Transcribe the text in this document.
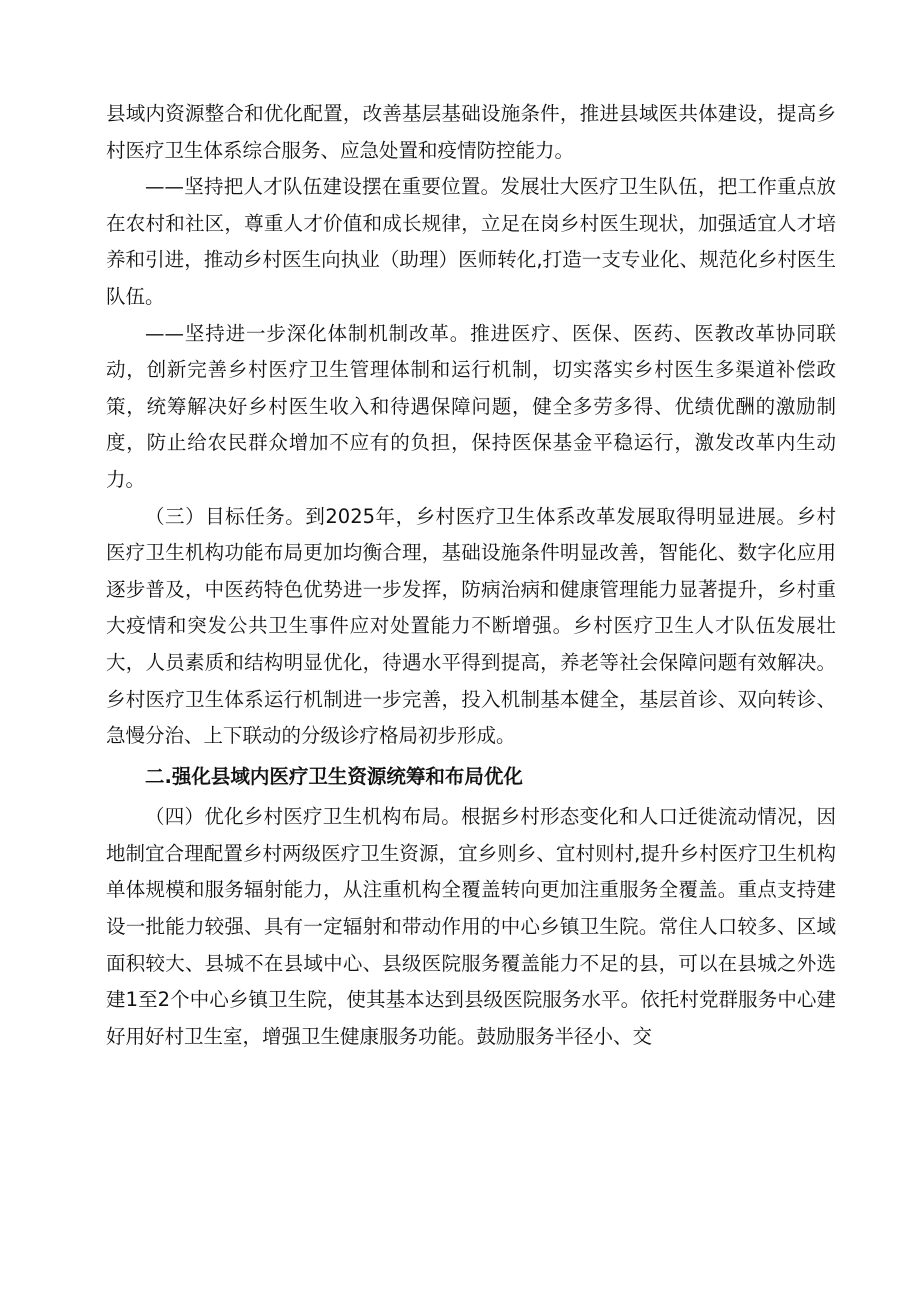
县域内资源整合和优化配置，改善基层基础设施条件，推进县域医共体建设，提高乡村医疗卫生体系综合服务、应急处置和疫情防控能力。

——坚持把人才队伍建设摆在重要位置。发展壮大医疗卫生队伍，把工作重点放在农村和社区，尊重人才价值和成长规律，立足在岗乡村医生现状，加强适宜人才培养和引进，推动乡村医生向执业（助理）医师转化,打造一支专业化、规范化乡村医生队伍。

——坚持进一步深化体制机制改革。推进医疗、医保、医药、医教改革协同联动，创新完善乡村医疗卫生管理体制和运行机制，切实落实乡村医生多渠道补偿政策，统筹解决好乡村医生收入和待遇保障问题，健全多劳多得、优绩优酬的激励制度，防止给农民群众增加不应有的负担，保持医保基金平稳运行，激发改革内生动力。

（三）目标任务。到2025年，乡村医疗卫生体系改革发展取得明显进展。乡村医疗卫生机构功能布局更加均衡合理，基础设施条件明显改善，智能化、数字化应用逐步普及，中医药特色优势进一步发挥，防病治病和健康管理能力显著提升，乡村重大疫情和突发公共卫生事件应对处置能力不断增强。乡村医疗卫生人才队伍发展壮大，人员素质和结构明显优化，待遇水平得到提高，养老等社会保障问题有效解决。乡村医疗卫生体系运行机制进一步完善，投入机制基本健全，基层首诊、双向转诊、急慢分治、上下联动的分级诊疗格局初步形成。

二.强化县域内医疗卫生资源统筹和布局优化

（四）优化乡村医疗卫生机构布局。根据乡村形态变化和人口迁徙流动情况，因地制宜合理配置乡村两级医疗卫生资源，宜乡则乡、宜村则村,提升乡村医疗卫生机构单体规模和服务辐射能力，从注重机构全覆盖转向更加注重服务全覆盖。重点支持建设一批能力较强、具有一定辐射和带动作用的中心乡镇卫生院。常住人口较多、区域面积较大、县城不在县域中心、县级医院服务覆盖能力不足的县，可以在县城之外选建1至2个中心乡镇卫生院，使其基本达到县级医院服务水平。依托村党群服务中心建好用好村卫生室，增强卫生健康服务功能。鼓励服务半径小、交
